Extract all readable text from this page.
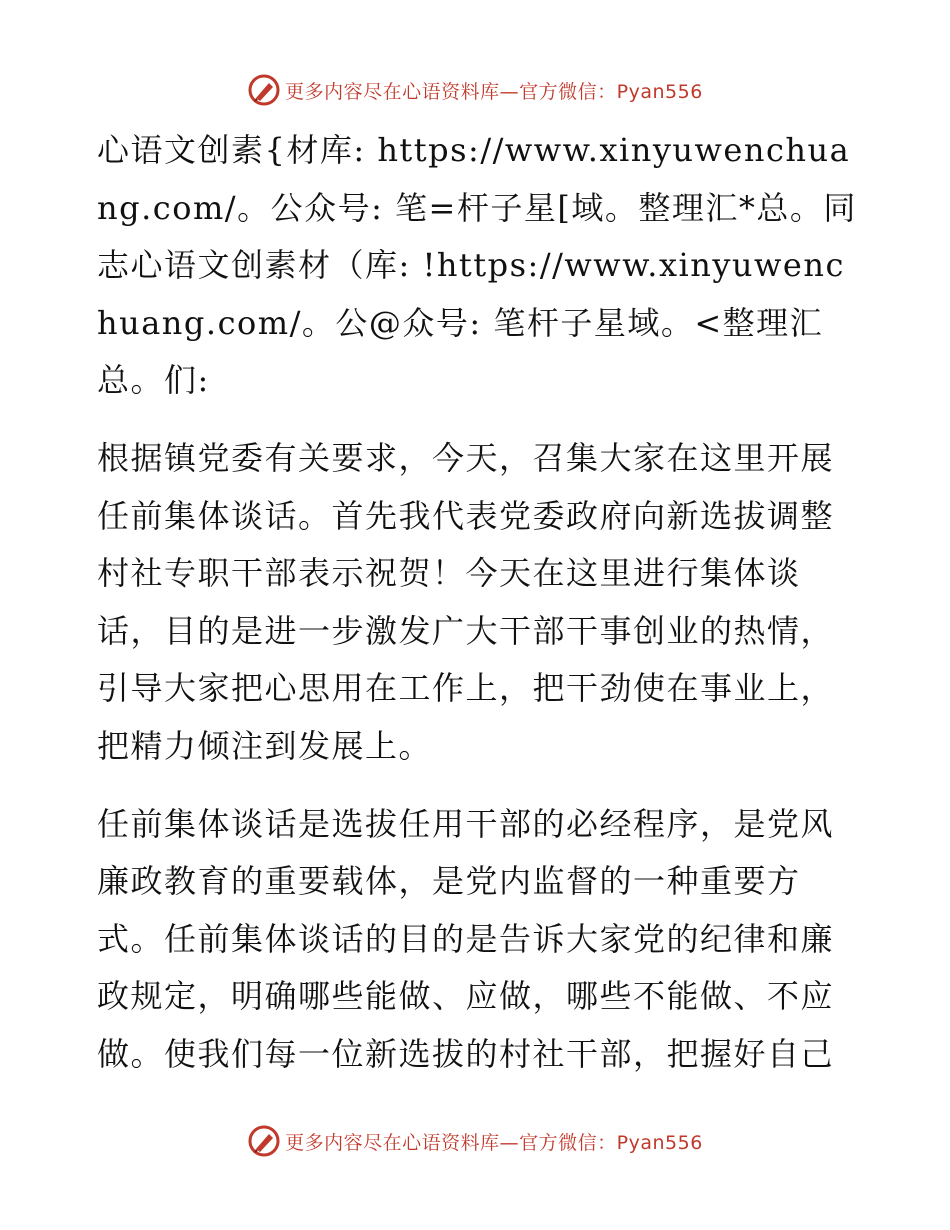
更多内容尽在心语资料库—官方微信：Pyan556

心语文创素{材库: https://www.xinyuwenchuang.com/。公众号: 笔=杆子星[域。整理汇*总。同志心语文创素材（库: !https://www.xinyuwenchuang.com/。公@众号: 笔杆子星域。<整理汇总。们:

根据镇党委有关要求，今天，召集大家在这里开展任前集体谈话。首先我代表党委政府向新选拔调整村社专职干部表示祝贺！今天在这里进行集体谈话，目的是进一步激发广大干部干事创业的热情，引导大家把心思用在工作上，把干劲使在事业上，把精力倾注到发展上。

任前集体谈话是选拔任用干部的必经程序，是党风廉政教育的重要载体，是党内监督的一种重要方式。任前集体谈话的目的是告诉大家党的纪律和廉政规定，明确哪些能做、应做，哪些不能做、不应做。使我们每一位新选拔的村社干部，把握好自己

更多内容尽在心语资料库—官方微信：Pyan556
